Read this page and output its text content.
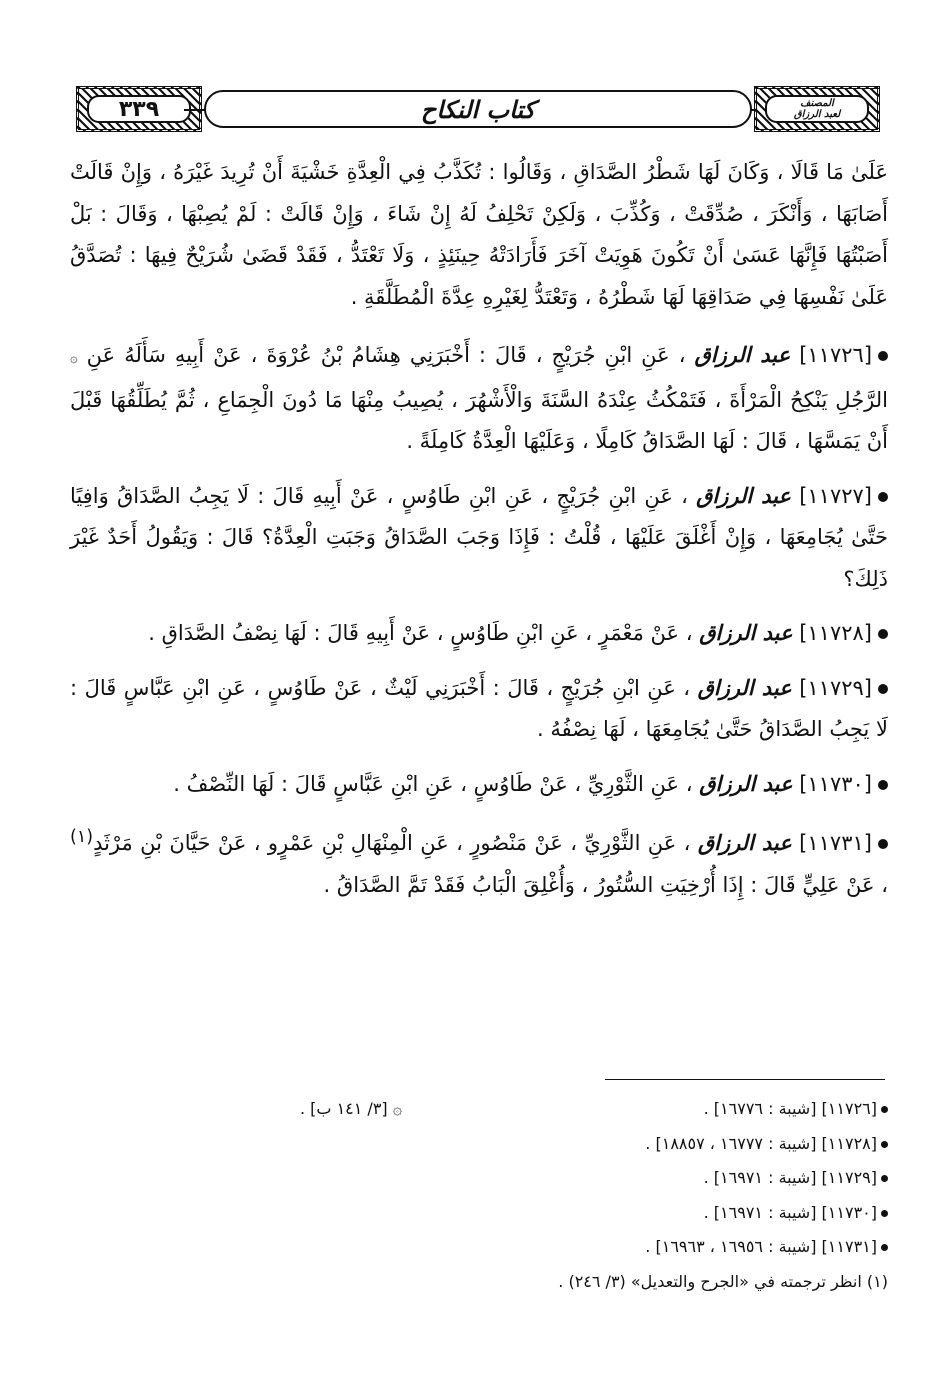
٣٣٩	كتاب النكاح	المصنف
لعبد الرزاق

عَلَىٰ مَا قَالَا ، وَكَانَ لَهَا شَطْرُ الصَّدَاقِ ، وَقَالُوا : تُكَذَّبُ فِي الْعِدَّةِ خَشْيَةَ أَنْ تُرِيدَ غَيْرَهُ ، وَإِنْ قَالَتْ أَصَابَهَا ، وَأَنْكَرَ ، صُدِّقَتْ ، وَكُذِّبَ ، وَلَكِنْ تَحْلِفُ لَهُ إِنْ شَاءَ ، وَإِنْ قَالَتْ : لَمْ يُصِبْهَا ، وَقَالَ : بَلْ أَصَبْتُهَا فَإِنَّهَا عَسَىٰ أَنْ تَكُونَ هَوِيَتْ آخَرَ فَأَرَادَتْهُ حِينَئِذٍ ، وَلَا تَعْتَدُّ ، فَقَدْ قَضَىٰ شُرَيْحٌ فِيهَا : تُصَدَّقُ عَلَىٰ نَفْسِهَا فِي صَدَاقِهَا لَهَا شَطْرُهُ ، وَتَعْتَدُّ لِغَيْرِهِ عِدَّةَ الْمُطَلَّقَةِ .

[١١٧٢٦] عبد الرزاق ، عَنِ ابْنِ جُرَيْجٍ ، قَالَ : أَخْبَرَنِي هِشَامُ بْنُ عُرْوَةَ ، عَنْ أَبِيهِ سَأَلَهُ عَنِ ۞ الرَّجُلِ يَنْكِحُ الْمَرْأَةَ ، فَتَمْكُثُ عِنْدَهُ السَّنَةَ وَالْأَشْهُرَ ، يُصِيبُ مِنْهَا مَا دُونَ الْجِمَاعِ ، ثُمَّ يُطَلِّقُهَا قَبْلَ أَنْ يَمَسَّهَا ، قَالَ : لَهَا الصَّدَاقُ كَامِلًا ، وَعَلَيْهَا الْعِدَّةُ كَامِلَةً .

[١١٧٢٧] عبد الرزاق ، عَنِ ابْنِ جُرَيْجٍ ، عَنِ ابْنِ طَاوُسٍ ، عَنْ أَبِيهِ قَالَ : لَا يَجِبُ الصَّدَاقُ وَافِيًا حَتَّىٰ يُجَامِعَهَا ، وَإِنْ أَغْلَقَ عَلَيْهَا ، قُلْتُ : فَإِذَا وَجَبَ الصَّدَاقُ وَجَبَتِ الْعِدَّةُ؟ قَالَ : وَيَقُولُ أَحَدٌ غَيْرَ ذَلِكَ؟

[١١٧٢٨] عبد الرزاق ، عَنْ مَعْمَرٍ ، عَنِ ابْنِ طَاوُسٍ ، عَنْ أَبِيهِ قَالَ : لَهَا نِصْفُ الصَّدَاقِ .

[١١٧٢٩] عبد الرزاق ، عَنِ ابْنِ جُرَيْجٍ ، قَالَ : أَخْبَرَنِي لَيْثٌ ، عَنْ طَاوُسٍ ، عَنِ ابْنِ عَبَّاسٍ قَالَ : لَا يَجِبُ الصَّدَاقُ حَتَّىٰ يُجَامِعَهَا ، لَهَا نِصْفُهُ .

[١١٧٣٠] عبد الرزاق ، عَنِ الثَّوْرِيِّ ، عَنْ طَاوُسٍ ، عَنِ ابْنِ عَبَّاسٍ قَالَ : لَهَا النِّصْفُ .

[١١٧٣١] عبد الرزاق ، عَنِ الثَّوْرِيِّ ، عَنْ مَنْصُورٍ ، عَنِ الْمِنْهَالِ بْنِ عَمْرٍو ، عَنْ حَيَّانَ بْنِ مَرْثَدٍ$^{(١)}$ ، عَنْ عَلِيٍّ قَالَ : إِذَا أُرْخِيَتِ السُّتُورُ ، وَأُغْلِقَ الْبَابُ فَقَدْ تَمَّ الصَّدَاقُ .

[١١٧٢٦] [شيبة : ١٦٧٧٦] .
۞ [٣/ ١٤١ ب] .
[١١٧٢٨] [شيبة : ١٦٧٧٧ ، ١٨٨٥٧] .
[١١٧٢٩] [شيبة : ١٦٩٧١] .
[١١٧٣٠] [شيبة : ١٦٩٧١] .
[١١٧٣١] [شيبة : ١٦٩٥٦ ، ١٦٩٦٣] .
(١) انظر ترجمته في «الجرح والتعديل» (٣/ ٢٤٦) .
